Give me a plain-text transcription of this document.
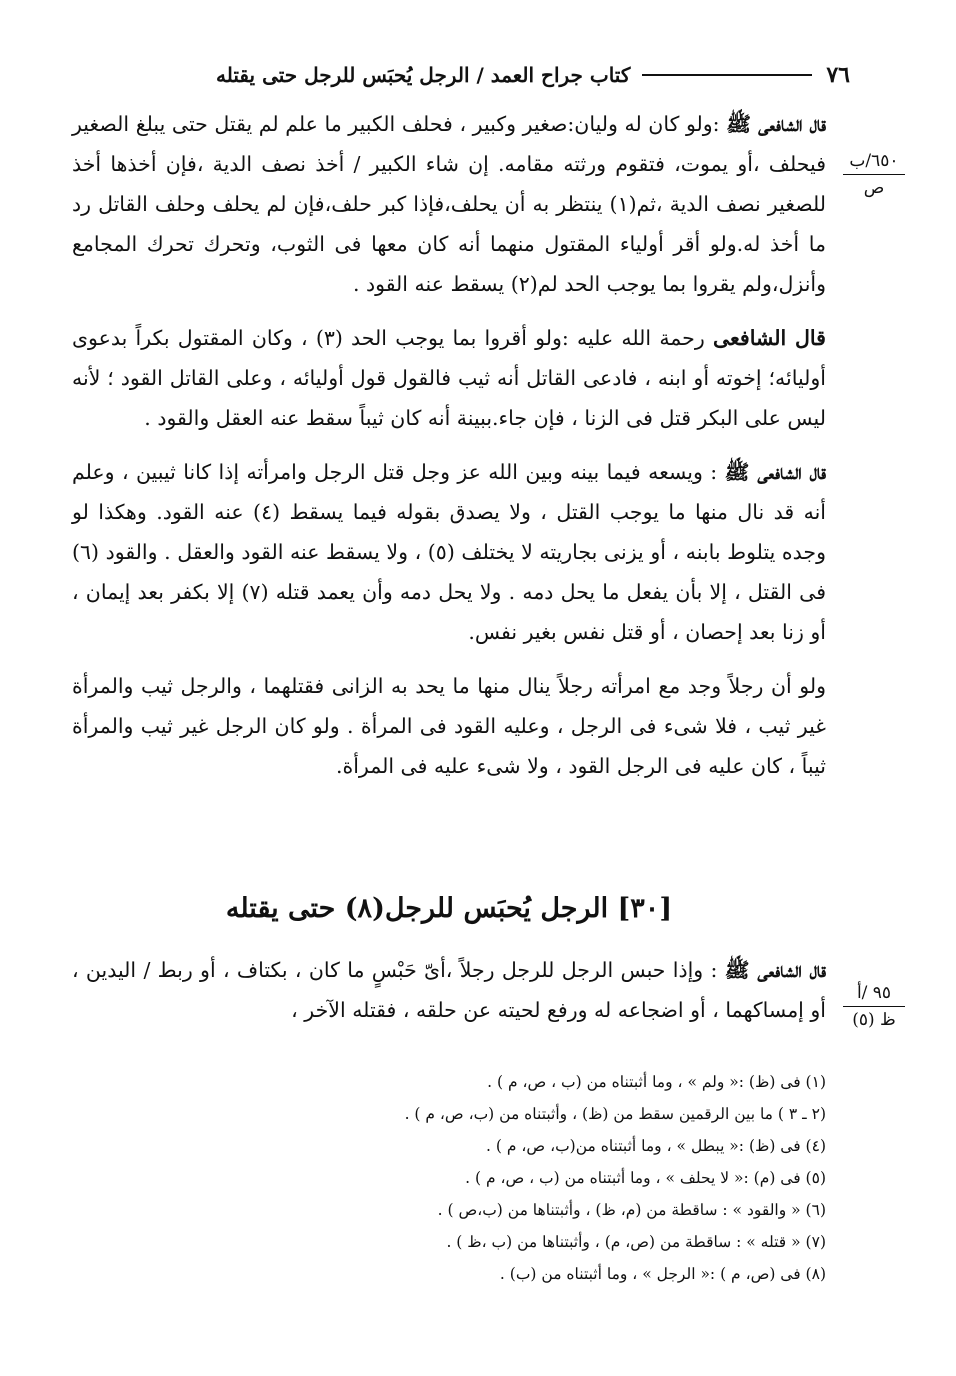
٧٦
كتاب جراح العمد / الرجل يُحبَس للرجل حتى يقتله
٦٥٠/ب
ص
٩٥ /أ
ظ (٥)

قال الشافعى ﷺ :ولو كان له وليان:صغير وكبير ، فحلف الكبير ما علم لم يقتل حتى يبلغ الصغير فيحلف ،أو يموت، فتقوم ورثته مقامه. إن شاء الكبير / أخذ نصف الدية ،فإن أخذها أخذ للصغير نصف الدية ،ثم(١) ينتظر به أن يحلف،فإذا كبر حلف،فإن لم يحلف وحلف القاتل رد ما أخذ له.ولو أقر أولياء المقتول منهما أنه كان معها فى الثوب، وتحرك تحرك المجامع وأنزل،ولم يقروا بما يوجب الحد لم(٢) يسقط عنه القود .

قال الشافعى رحمة الله عليه :ولو أقروا بما يوجب الحد (٣) ، وكان المقتول بكراً بدعوى أوليائه؛ إخوته أو ابنه ، فادعى القاتل أنه ثيب فالقول قول أوليائه ، وعلى القاتل القود ؛ لأنه ليس على البكر قتل فى الزنا ، فإن جاء.ببينة أنه كان ثيباً سقط عنه العقل والقود .

قال الشافعى ﷺ : ويسعه فيما بينه وبين الله عز وجل قتل الرجل وامرأته إذا كانا ثيبين ، وعلم أنه قد نال منها ما يوجب القتل ، ولا يصدق بقوله فيما يسقط (٤) عنه القود. وهكذا لو وجده يتلوط بابنه ، أو يزنى بجاريته لا يختلف (٥) ، ولا يسقط عنه القود والعقل . والقود (٦) فى القتل ، إلا بأن يفعل ما يحل دمه . ولا يحل دمه وأن يعمد قتله (٧) إلا بكفر بعد إيمان ، أو زنا بعد إحصان ، أو قتل نفس بغير نفس.

ولو أن رجلاً وجد مع امرأته رجلاً ينال منها ما يحد به الزانى فقتلهما ، والرجل ثيب والمرأة غير ثيب ، فلا شىء فى الرجل ، وعليه القود فى المرأة . ولو كان الرجل غير ثيب والمرأة ثيباً ، كان عليه فى الرجل القود ، ولا شىء عليه فى المرأة.

[٣٠] الرجل يُحبَس للرجل(٨) حتى يقتله

قال الشافعى ﷺ : وإذا حبس الرجل للرجل رجلاً ،أىّ حَبْسٍ ما كان ، بكتاف ، أو ربط / اليدين ، أو إمساكهما ، أو اضجاعه له ورفع لحيته عن حلقه ، فقتله الآخر ،

(١) فى (ظ) :« ولم » ، وما أثبتناه من (ب ، ص، م ) .

(٢ ـ ٣ ) ما بين الرقمين سقط من (ظ) ، وأثبتناه من (ب، ص، م ) .

(٤) فى (ظ) :« يبطل » ، وما أثبتناه من(ب، ص، م ) .

(٥) فى (م) :« لا يحلف » ، وما أثبتناه من (ب ، ص، م ) .

(٦) « والقود » : ساقطة من (م، ظ) ، وأثبتناها من (ب،ص ) .

(٧) « قتله » : ساقطة من (ص، م) ، وأثبتناها من (ب ،ظ ) .

(٨) فى (ص، م ) :« الرجل » ، وما أثبتناه من (ب) .
